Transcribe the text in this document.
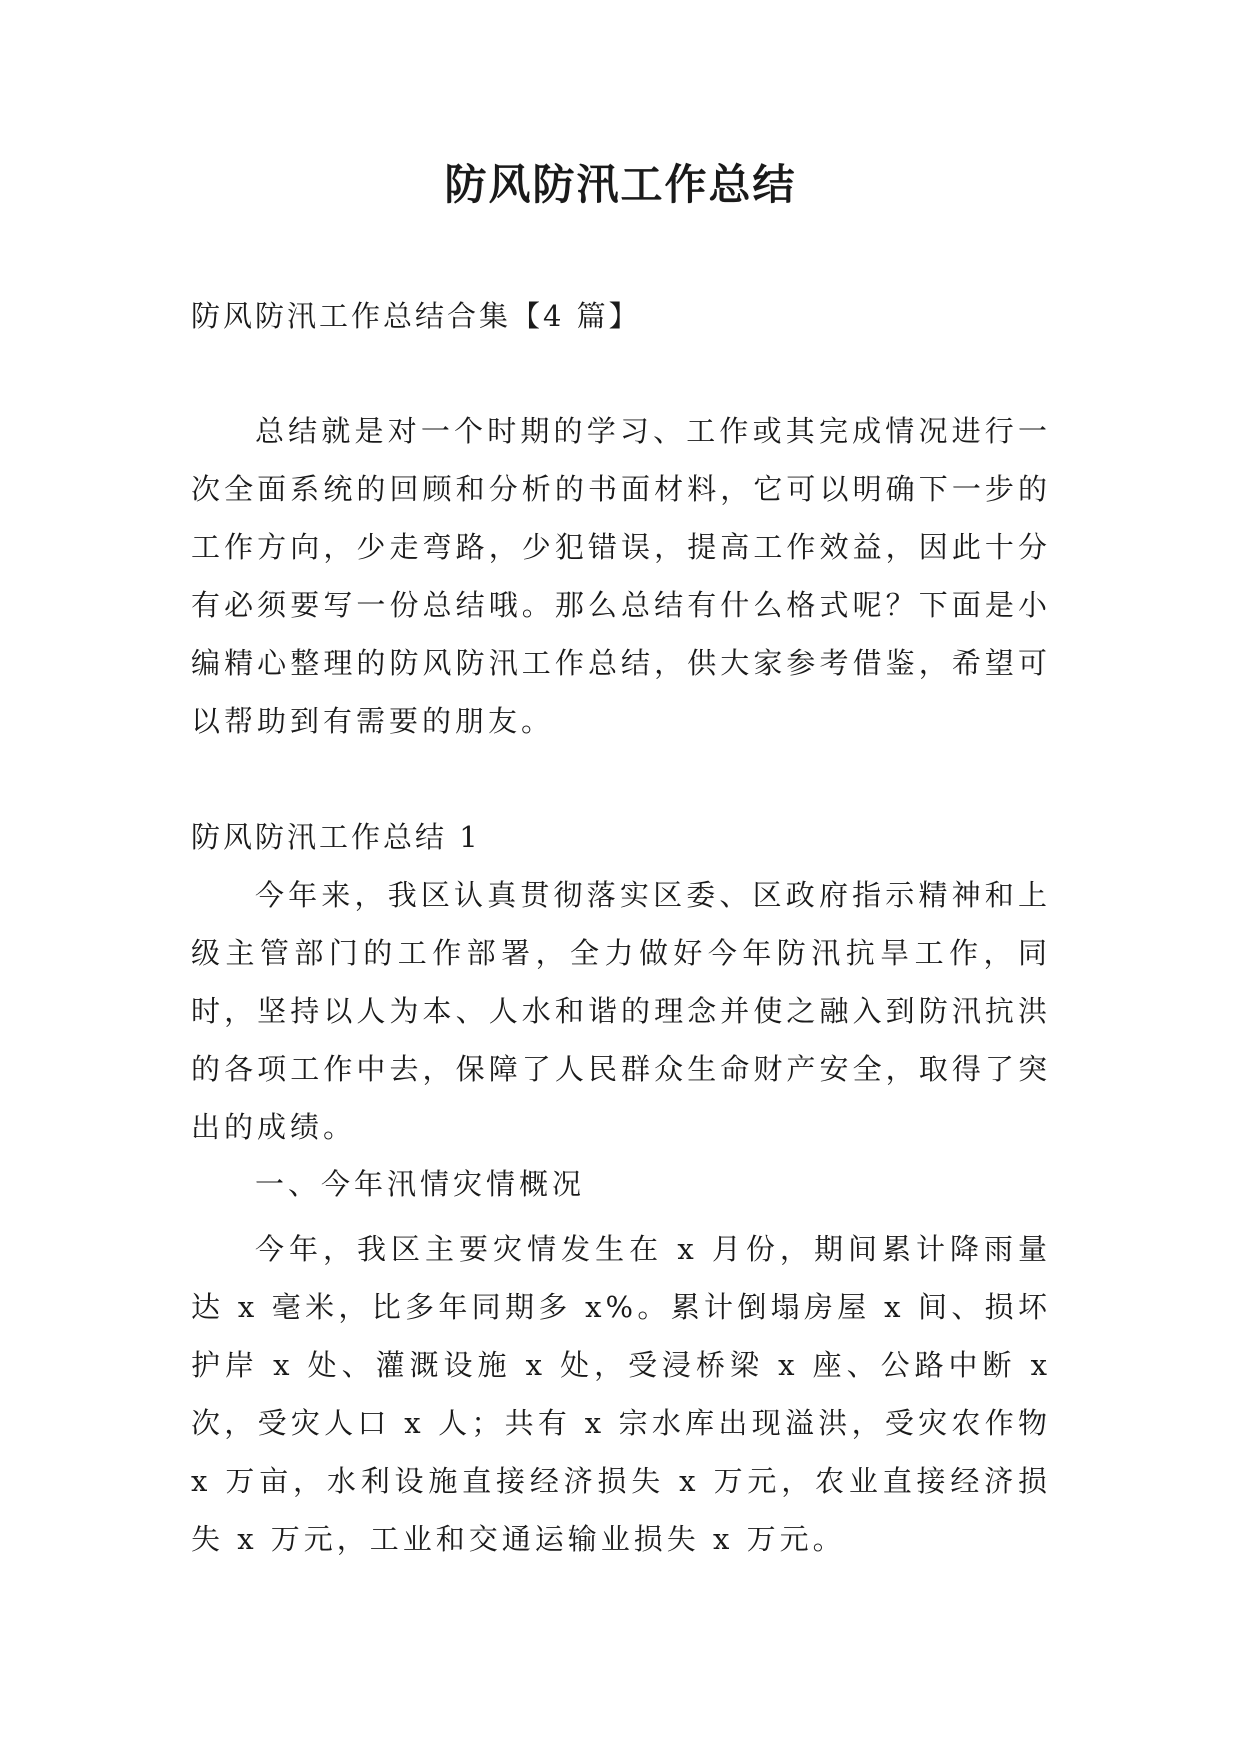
防风防汛工作总结
防风防汛工作总结合集【4 篇】
总结就是对一个时期的学习、工作或其完成情况进行一次全面系统的回顾和分析的书面材料，它可以明确下一步的工作方向，少走弯路，少犯错误，提高工作效益，因此十分有必须要写一份总结哦。那么总结有什么格式呢？下面是小编精心整理的防风防汛工作总结，供大家参考借鉴，希望可以帮助到有需要的朋友。
防风防汛工作总结 1
今年来，我区认真贯彻落实区委、区政府指示精神和上级主管部门的工作部署，全力做好今年防汛抗旱工作，同时，坚持以人为本、人水和谐的理念并使之融入到防汛抗洪的各项工作中去，保障了人民群众生命财产安全，取得了突出的成绩。
一、今年汛情灾情概况
今年，我区主要灾情发生在 x 月份，期间累计降雨量达 x 毫米，比多年同期多 x%。累计倒塌房屋 x 间、损坏护岸 x 处、灌溉设施 x 处，受浸桥梁 x 座、公路中断 x 次，受灾人口 x 人；共有 x 宗水库出现溢洪，受灾农作物 x 万亩，水利设施直接经济损失 x 万元，农业直接经济损失 x 万元，工业和交通运输业损失 x 万元。
